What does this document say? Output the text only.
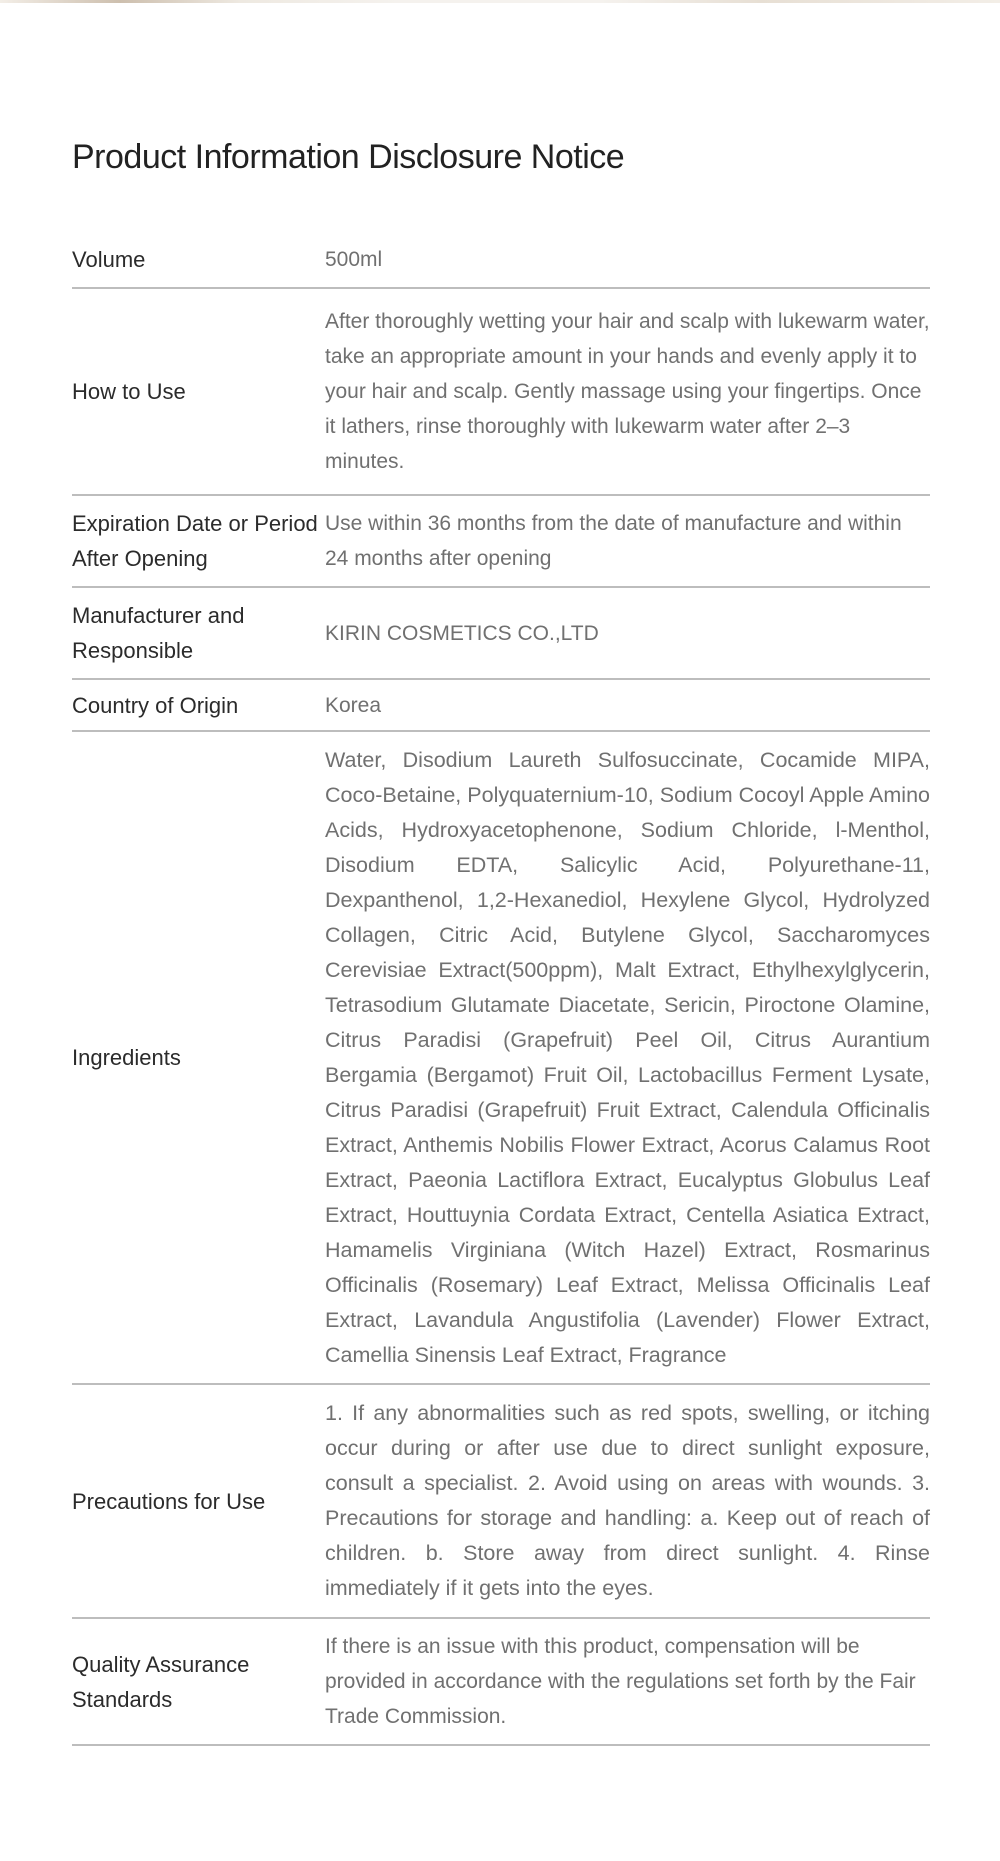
Product Information Disclosure Notice
Volume	500ml
How to Use	After thoroughly wetting your hair and scalp with lukewarm water, take an appropriate amount in your hands and evenly apply it to your hair and scalp. Gently massage using your fingertips. Once it lathers, rinse thoroughly with lukewarm water after 2–3 minutes.
Expiration Date or Period After Opening	Use within 36 months from the date of manufacture and within 24 months after opening
Manufacturer and Responsible	KIRIN COSMETICS CO.,LTD
Country of Origin	Korea
Ingredients	Water, Disodium Laureth Sulfosuccinate, Cocamide MIPA, Coco-Betaine, Polyquaternium-10, Sodium Cocoyl Apple Amino Acids, Hydroxyacetophenone, Sodium Chloride, l-Menthol, Disodium EDTA, Salicylic Acid, Polyurethane-11, Dexpanthenol, 1,2-Hexanediol, Hexylene Glycol, Hydrolyzed Collagen, Citric Acid, Butylene Glycol, Saccharomyces Cerevisiae Extract(500ppm), Malt Extract, Ethylhexylglycerin, Tetrasodium Glutamate Diacetate, Sericin, Piroctone Olamine, Citrus Paradisi (Grapefruit) Peel Oil, Citrus Aurantium Bergamia (Bergamot) Fruit Oil, Lactobacillus Ferment Lysate, Citrus Paradisi (Grapefruit) Fruit Extract, Calendula Officinalis Extract, Anthemis Nobilis Flower Extract, Acorus Calamus Root Extract, Paeonia Lactiflora Extract, Eucalyptus Globulus Leaf Extract, Houttuynia Cordata Extract, Centella Asiatica Extract, Hamamelis Virginiana (Witch Hazel) Extract, Rosmarinus Officinalis (Rosemary) Leaf Extract, Melissa Officinalis Leaf Extract, Lavandula Angustifolia (Lavender) Flower Extract, Camellia Sinensis Leaf Extract, Fragrance
Precautions for Use	1. If any abnormalities such as red spots, swelling, or itching occur during or after use due to direct sunlight exposure, consult a specialist. 2. Avoid using on areas with wounds. 3. Precautions for storage and handling: a. Keep out of reach of children. b. Store away from direct sunlight. 4. Rinse immediately if it gets into the eyes.
Quality Assurance Standards	If there is an issue with this product, compensation will be provided in accordance with the regulations set forth by the Fair Trade Commission.
